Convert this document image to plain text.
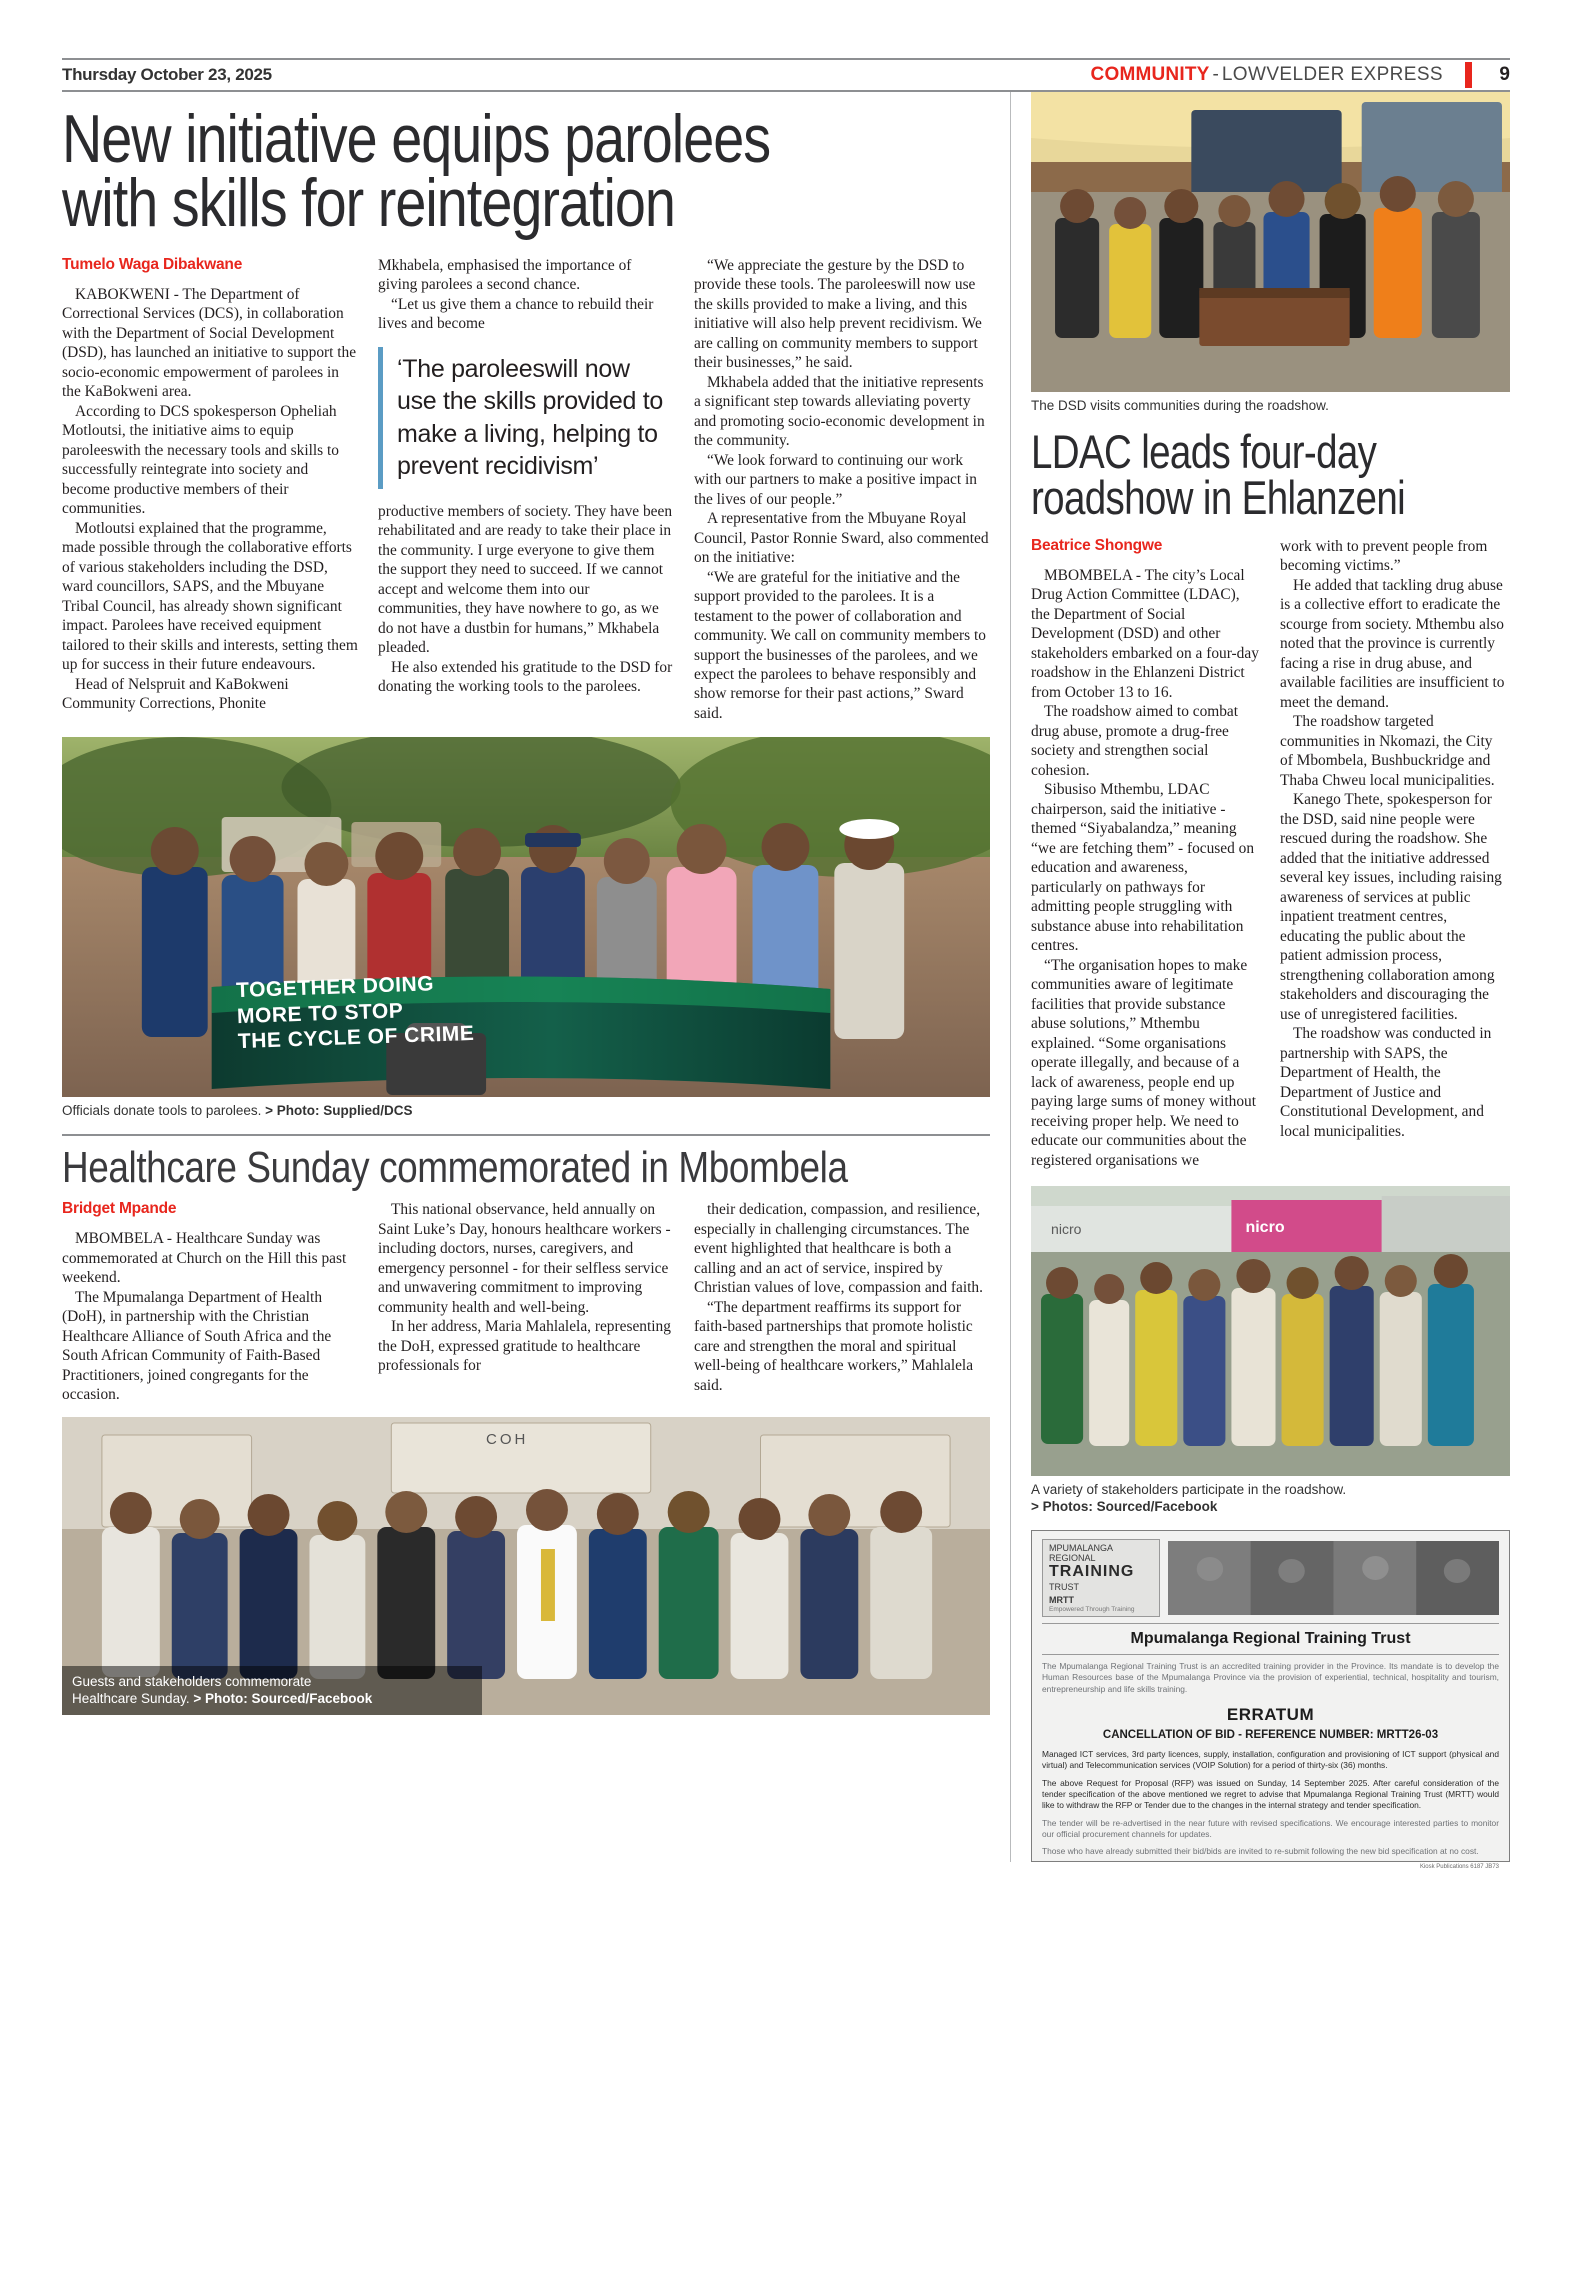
Thursday October 23, 2025	COMMUNITY - LOWVELDER EXPRESS	9
New initiative equips parolees
with skills for reintegration
Tumelo Waga Dibakwane

KABOKWENI - The Department of Correctional Services (DCS), in collaboration with the Department of Social Development (DSD), has launched an initiative to support the socio-economic empowerment of parolees in the KaBokweni area.

According to DCS spokesperson Opheliah Motloutsi, the initiative aims to equip paroleeswith the necessary tools and skills to successfully reintegrate into society and become productive members of their communities.

Motloutsi explained that the programme, made possible through the collaborative efforts of various stakeholders including the DSD, ward councillors, SAPS, and the Mbuyane Tribal Council, has already shown significant impact. Parolees have received equipment tailored to their skills and interests, setting them up for success in their future endeavours.

Head of Nelspruit and KaBokweni Community Corrections, Phonite

Mkhabela, emphasised the importance of giving parolees a second chance.

“Let us give them a chance to rebuild their lives and become

‘The paroleeswill now use the skills provided to make a living, helping to prevent recidivism’

productive members of society. They have been rehabilitated and are ready to take their place in the community. I urge everyone to give them the support they need to succeed. If we cannot accept and welcome them into our communities, they have nowhere to go, as we do not have a dustbin for humans,” Mkhabela pleaded.

He also extended his gratitude to the DSD for donating the working tools to the parolees.

“We appreciate the gesture by the DSD to provide these tools. The paroleeswill now use the skills provided to make a living, and this initiative will also help prevent recidivism. We are calling on community members to support their businesses,” he said.

Mkhabela added that the initiative represents a significant step towards alleviating poverty and promoting socio-economic development in the community.

“We look forward to continuing our work with our partners to make a positive impact in the lives of our people.”

A representative from the Mbuyane Royal Council, Pastor Ronnie Sward, also commented on the initiative:

“We are grateful for the initiative and the support provided to the parolees. It is a testament to the power of collaboration and community. We call on community members to support the businesses of the parolees, and we expect the parolees to behave responsibly and show remorse for their past actions,” Sward said.

TOGETHER DOING
MORE TO STOP
THE CYCLE OF CRIME
Officials donate tools to parolees. > Photo: Supplied/DCS
Healthcare Sunday commemorated in Mbombela
Bridget Mpande

MBOMBELA - Healthcare Sunday was commemorated at Church on the Hill this past weekend.

The Mpumalanga Department of Health (DoH), in partnership with the Christian Healthcare Alliance of South Africa and the South African Community of Faith-Based Practitioners, joined congregants for the occasion.

This national observance, held annually on Saint Luke’s Day, honours healthcare workers - including doctors, nurses, caregivers, and emergency personnel - for their selfless service and unwavering commitment to improving community health and well-being.

In her address, Maria Mahlalela, representing the DoH, expressed gratitude to healthcare professionals for

their dedication, compassion, and resilience, especially in challenging circumstances. The event highlighted that healthcare is both a calling and an act of service, inspired by Christian values of love, compassion and faith.

“The department reaffirms its support for faith-based partnerships that promote holistic care and strengthen the moral and spiritual well-being of healthcare workers,” Mahlalela said.

COH
Guests and stakeholders commemorate
Healthcare Sunday. > Photo: Sourced/Facebook
The DSD visits communities during the roadshow.
LDAC leads four-day
roadshow in Ehlanzeni
Beatrice Shongwe

MBOMBELA - The city’s Local Drug Action Committee (LDAC), the Department of Social Development (DSD) and other stakeholders embarked on a four-day roadshow in the Ehlanzeni District from October 13 to 16.

The roadshow aimed to combat drug abuse, promote a drug-free society and strengthen social cohesion.

Sibusiso Mthembu, LDAC chairperson, said the initiative - themed “Siyabalandza,” meaning “we are fetching them” - focused on education and awareness, particularly on pathways for admitting people struggling with substance abuse into rehabilitation centres.

“The organisation hopes to make communities aware of legitimate facilities that provide substance abuse solutions,” Mthembu explained. “Some organisations operate illegally, and because of a lack of awareness, people end up paying large sums of money without receiving proper help. We need to educate our communities about the registered organisations we

work with to prevent people from becoming victims.”

He added that tackling drug abuse is a collective effort to eradicate the scourge from society. Mthembu also noted that the province is currently facing a rise in drug abuse, and available facilities are insufficient to meet the demand.

The roadshow targeted communities in Nkomazi, the City of Mbombela, Bushbuckridge and Thaba Chweu local municipalities.

Kanego Thete, spokesperson for the DSD, said nine people were rescued during the roadshow. She added that the initiative addressed several key issues, including raising awareness of services at public inpatient treatment centres, educating the public about the patient admission process, strengthening collaboration among stakeholders and discouraging the use of unregistered facilities.

The roadshow was conducted in partnership with SAPS, the Department of Health, the Department of Justice and Constitutional Development, and local municipalities.

nicro
nicro
A variety of stakeholders participate in the roadshow.
> Photos: Sourced/Facebook
MPUMALANGA REGIONAL
TRAINING
TRUST
MRTT
Empowered Through Training
Mpumalanga Regional Training Trust
The Mpumalanga Regional Training Trust is an accredited training provider in the Province. Its mandate is to develop the Human Resources base of the Mpumalanga Province via the provision of experiential, technical, hospitality and tourism, entrepreneurship and life skills training.
ERRATUM
CANCELLATION OF BID - REFERENCE NUMBER: MRTT26-03
Managed ICT services, 3rd party licences, supply, installation, configuration and provisioning of ICT support (physical and virtual) and Telecommunication services (VOIP Solution) for a period of thirty-six (36) months.
The above Request for Proposal (RFP) was issued on Sunday, 14 September 2025. After careful consideration of the tender specification of the above mentioned we regret to advise that Mpumalanga Regional Training Trust (MRTT) would like to withdraw the RFP or Tender due to the changes in the internal strategy and tender specification.
The tender will be re-advertised in the near future with revised specifications. We encourage interested parties to monitor our official procurement channels for updates.
Those who have already submitted their bid/bids are invited to re-submit following the new bid specification at no cost.
Kiosk Publications 6187 JB73
